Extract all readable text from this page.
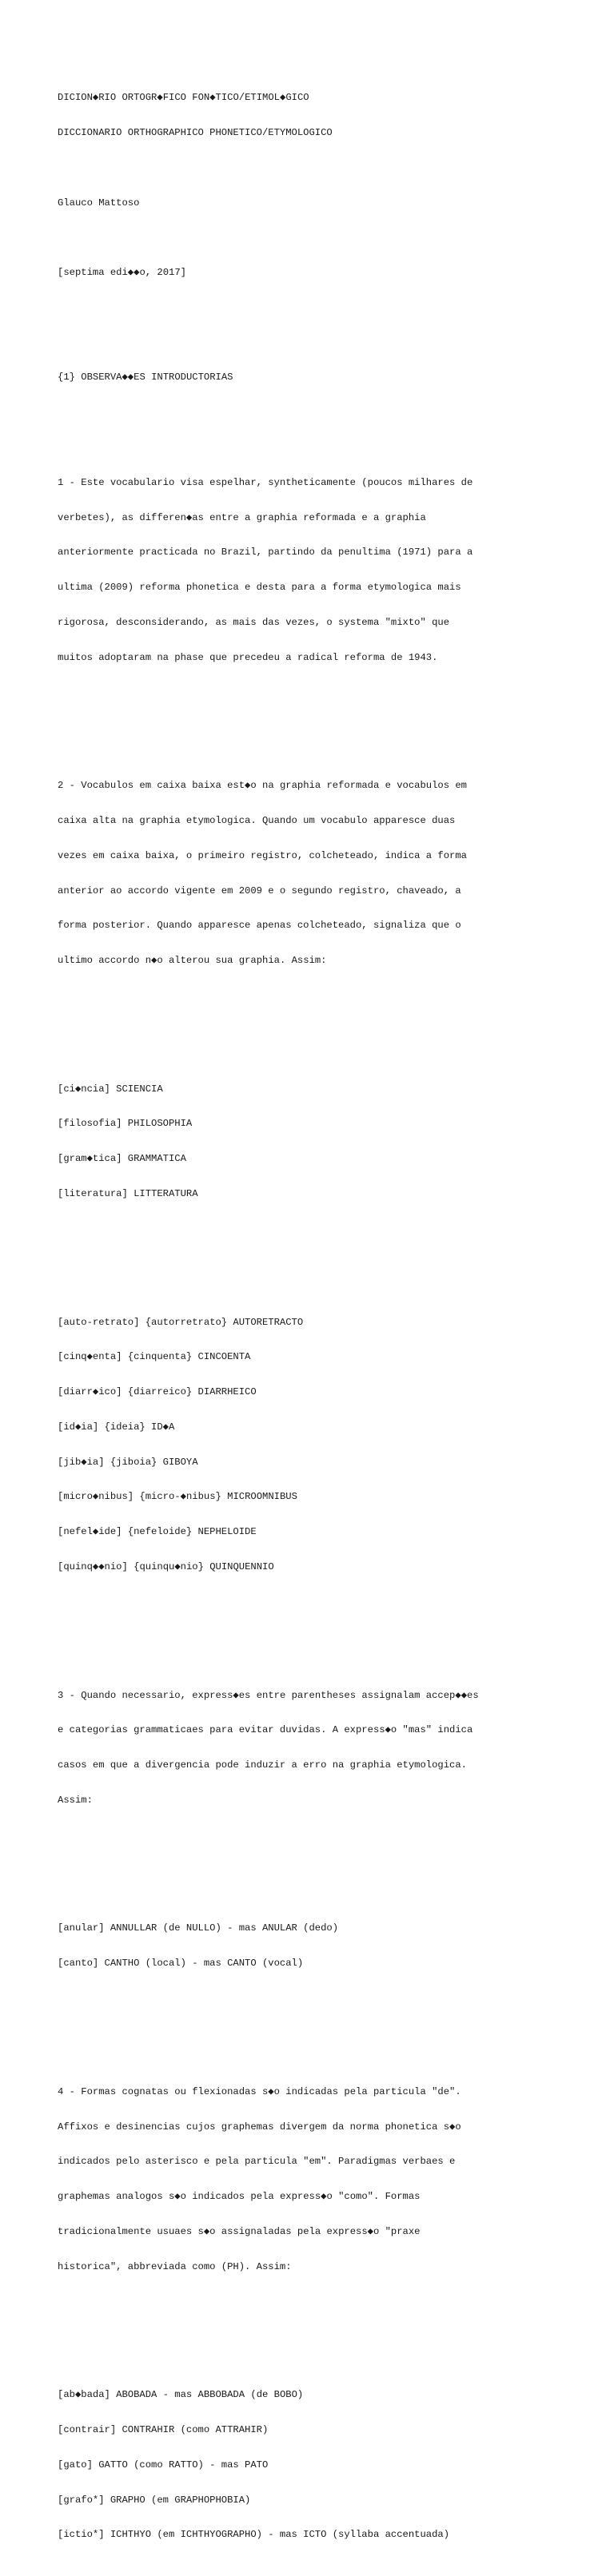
DICION◆RIO ORTOGR◆FICO FON◆TICO/ETIMOL◆GICO

DICCIONARIO ORTHOGRAPHICO PHONETICO/ETYMOLOGICO

Glauco Mattoso

[septima edi◆◆o, 2017]

{1} OBSERVA◆◆ES INTRODUCTORIAS

1 - Este vocabulario visa espelhar, syntheticamente (poucos milhares de

verbetes), as differen◆as entre a graphia reformada e a graphia

anteriormente practicada no Brazil, partindo da penultima (1971) para a

ultima (2009) reforma phonetica e desta para a forma etymologica mais

rigorosa, desconsiderando, as mais das vezes, o systema "mixto" que

muitos adoptaram na phase que precedeu a radical reforma de 1943.

2 - Vocabulos em caixa baixa est◆o na graphia reformada e vocabulos em

caixa alta na graphia etymologica. Quando um vocabulo apparesce duas

vezes em caixa baixa, o primeiro registro, colcheteado, indica a forma

anterior ao accordo vigente em 2009 e o segundo registro, chaveado, a

forma posterior. Quando apparesce apenas colcheteado, signaliza que o

ultimo accordo n◆o alterou sua graphia. Assim:

[ci◆ncia] SCIENCIA

[filosofia] PHILOSOPHIA

[gram◆tica] GRAMMATICA

[literatura] LITTERATURA

[auto-retrato] {autorretrato} AUTORETRACTO

[cinq◆enta] {cinquenta} CINCOENTA

[diarr◆ico] {diarreico} DIARRHEICO

[id◆ia] {ideia} ID◆A

[jib◆ia] {jiboia} GIBOYA

[micro◆nibus] {micro-◆nibus} MICROOMNIBUS

[nefel◆ide] {nefeloide} NEPHELOIDE

[quinq◆◆nio] {quinqu◆nio} QUINQUENNIO

3 - Quando necessario, express◆es entre parentheses assignalam accep◆◆es

e categorias grammaticaes para evitar duvidas. A express◆o "mas" indica

casos em que a divergencia pode induzir a erro na graphia etymologica.

Assim:

[anular] ANNULLAR (de NULLO) - mas ANULAR (dedo)

[canto] CANTHO (local) - mas CANTO (vocal)

4 - Formas cognatas ou flexionadas s◆o indicadas pela particula "de".

Affixos e desinencias cujos graphemas divergem da norma phonetica s◆o

indicados pelo asterisco e pela particula "em". Paradigmas verbaes e

graphemas analogos s◆o indicados pela express◆o "como". Formas

tradicionalmente usuaes s◆o assignaladas pela express◆o "praxe

historica", abbreviada como (PH). Assim:

[ab◆bada] ABOBADA - mas ABBOBADA (de BOBO)

[contrair] CONTRAHIR (como ATTRAHIR)

[gato] GATTO (como RATTO) - mas PATO

[grafo*] GRAPHO (em GRAPHOPHOBIA)

[ictio*] ICHTHYO (em ICHTHYOGRAPHO) - mas ICTO (syllaba accentuada)
